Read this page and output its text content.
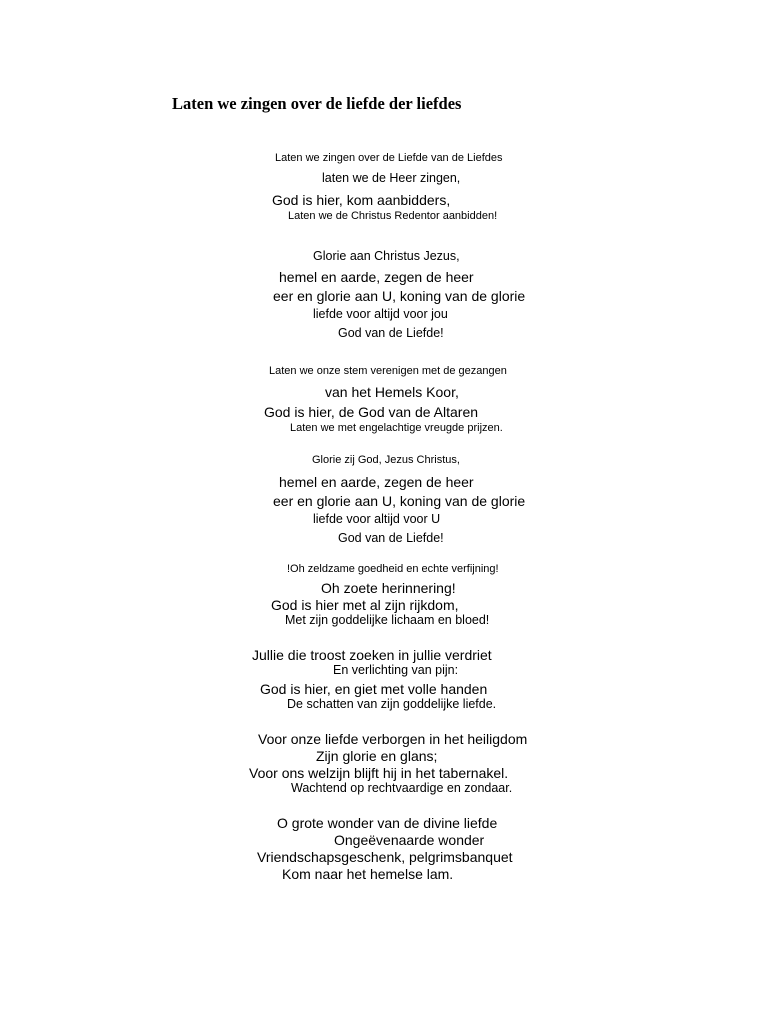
Laten we zingen over de liefde der liefdes

Laten we zingen over de Liefde van de Liefdes

laten we de Heer zingen,

God is hier, kom aanbidders,

Laten we de Christus Redentor aanbidden!

Glorie aan Christus Jezus,

hemel en aarde, zegen de heer

eer en glorie aan U, koning van de glorie

liefde voor altijd voor jou

God van de Liefde!

Laten we onze stem verenigen met de gezangen

van het Hemels Koor,

God is hier, de God van de Altaren

Laten we met engelachtige vreugde prijzen.

Glorie zij God, Jezus Christus,

hemel en aarde, zegen de heer

eer en glorie aan U, koning van de glorie

liefde voor altijd voor U

God van de Liefde!

!Oh zeldzame goedheid en echte verfijning!

Oh zoete herinnering!

God is hier met al zijn rijkdom,

Met zijn goddelijke lichaam en bloed!

Jullie die troost zoeken in jullie verdriet

En verlichting van pijn:

God is hier, en giet met volle handen

De schatten van zijn goddelijke liefde.

Voor onze liefde verborgen in het heiligdom

Zijn glorie en glans;

Voor ons welzijn blijft hij in het tabernakel.

Wachtend op rechtvaardige en zondaar.

O grote wonder van de divine liefde

Ongeëvenaarde wonder

Vriendschapsgeschenk, pelgrimsbanquet

Kom naar het hemelse lam.
